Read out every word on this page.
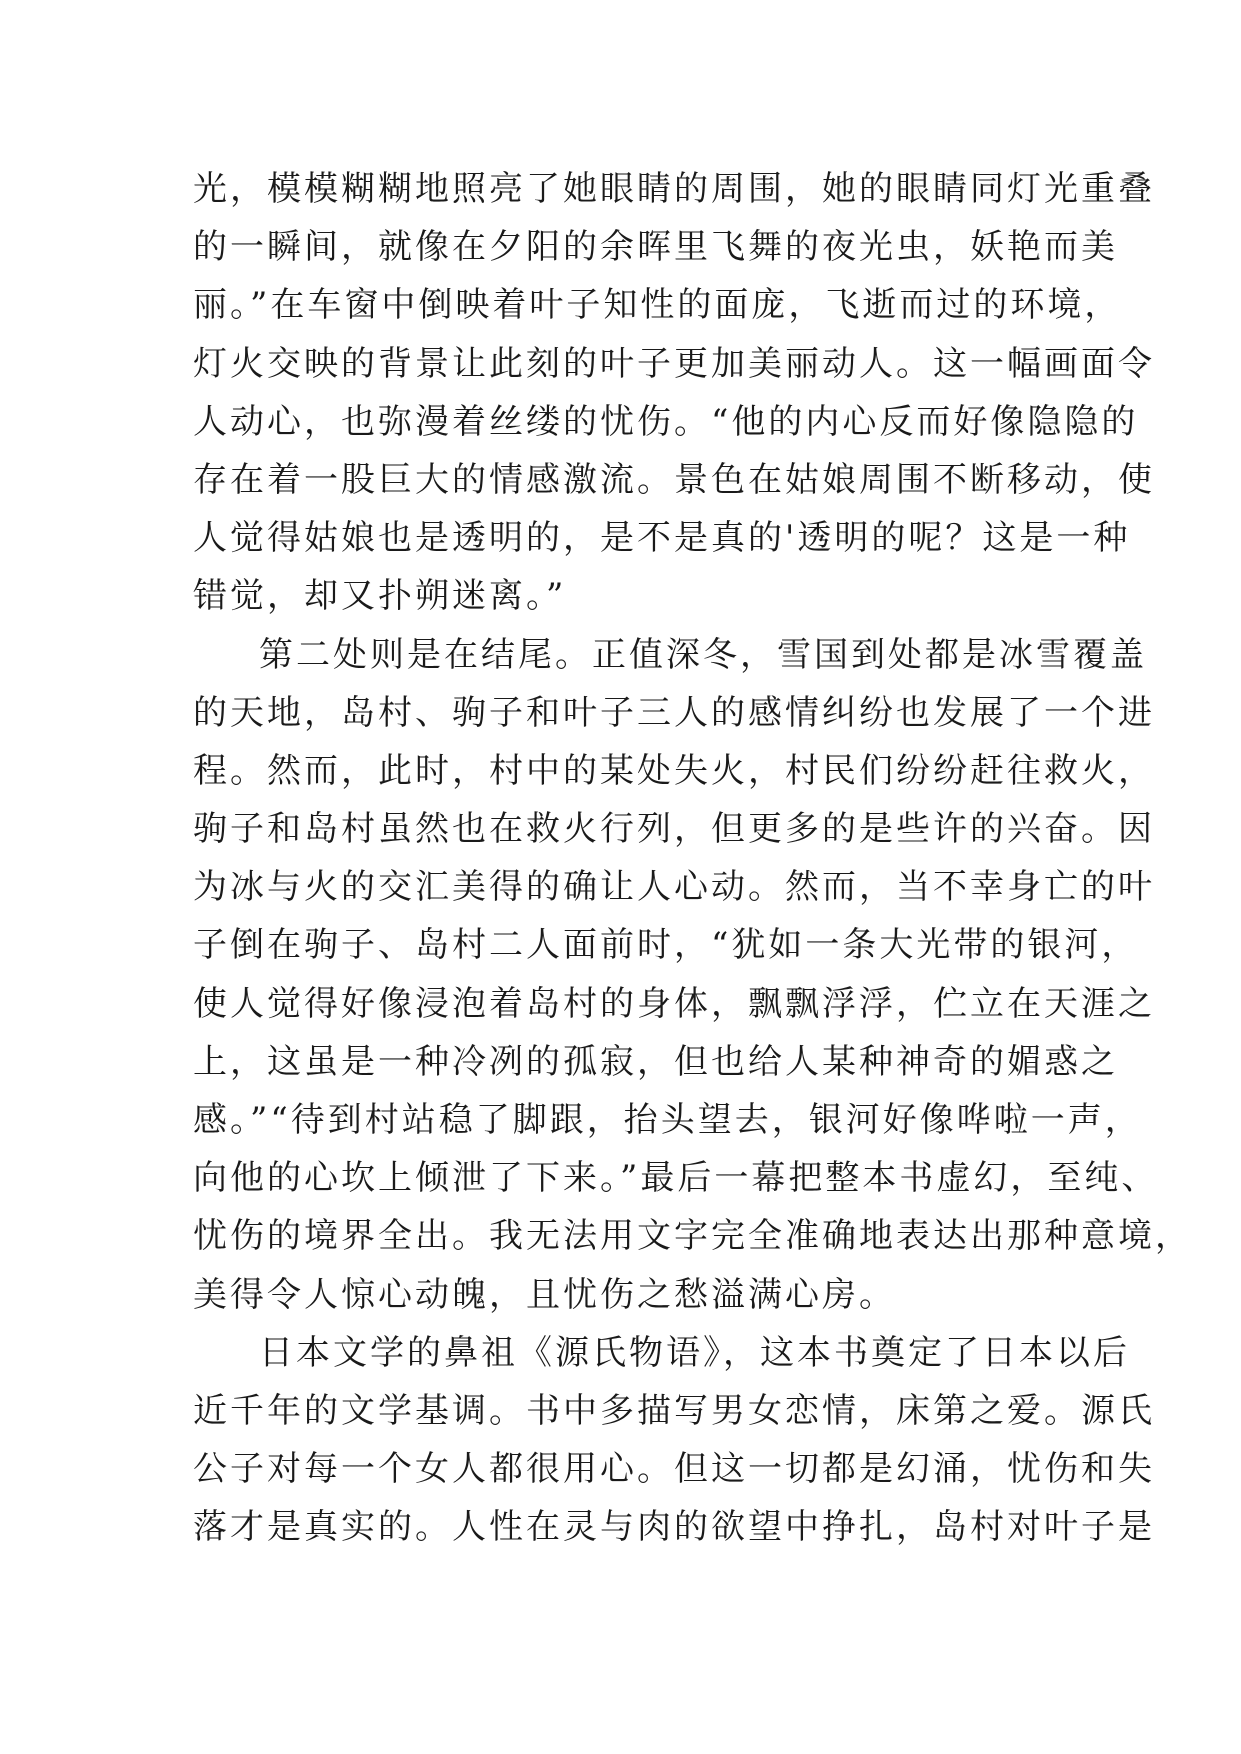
光，模模糊糊地照亮了她眼睛的周围，她的眼睛同灯光重叠
的一瞬间，就像在夕阳的余晖里飞舞的夜光虫，妖艳而美
丽。”在车窗中倒映着叶子知性的面庞，飞逝而过的环境，
灯火交映的背景让此刻的叶子更加美丽动人。这一幅画面令
人动心，也弥漫着丝缕的忧伤。“他的内心反而好像隐隐的
存在着一股巨大的情感激流。景色在姑娘周围不断移动，使
人觉得姑娘也是透明的，是不是真的'透明的呢？这是一种
错觉，却又扑朔迷离。”
第二处则是在结尾。正值深冬，雪国到处都是冰雪覆盖
的天地，岛村、驹子和叶子三人的感情纠纷也发展了一个进
程。然而，此时，村中的某处失火，村民们纷纷赶往救火，
驹子和岛村虽然也在救火行列，但更多的是些许的兴奋。因
为冰与火的交汇美得的确让人心动。然而，当不幸身亡的叶
子倒在驹子、岛村二人面前时，“犹如一条大光带的银河，
使人觉得好像浸泡着岛村的身体，飘飘浮浮，伫立在天涯之
上，这虽是一种冷冽的孤寂，但也给人某种神奇的媚惑之
感。”“待到村站稳了脚跟，抬头望去，银河好像哗啦一声，
向他的心坎上倾泄了下来。”最后一幕把整本书虚幻，至纯、
忧伤的境界全出。我无法用文字完全准确地表达出那种意境，
美得令人惊心动魄，且忧伤之愁溢满心房。
日本文学的鼻祖《源氏物语》，这本书奠定了日本以后
近千年的文学基调。书中多描写男女恋情，床第之爱。源氏
公子对每一个女人都很用心。但这一切都是幻涌，忧伤和失
落才是真实的。人性在灵与肉的欲望中挣扎，岛村对叶子是
